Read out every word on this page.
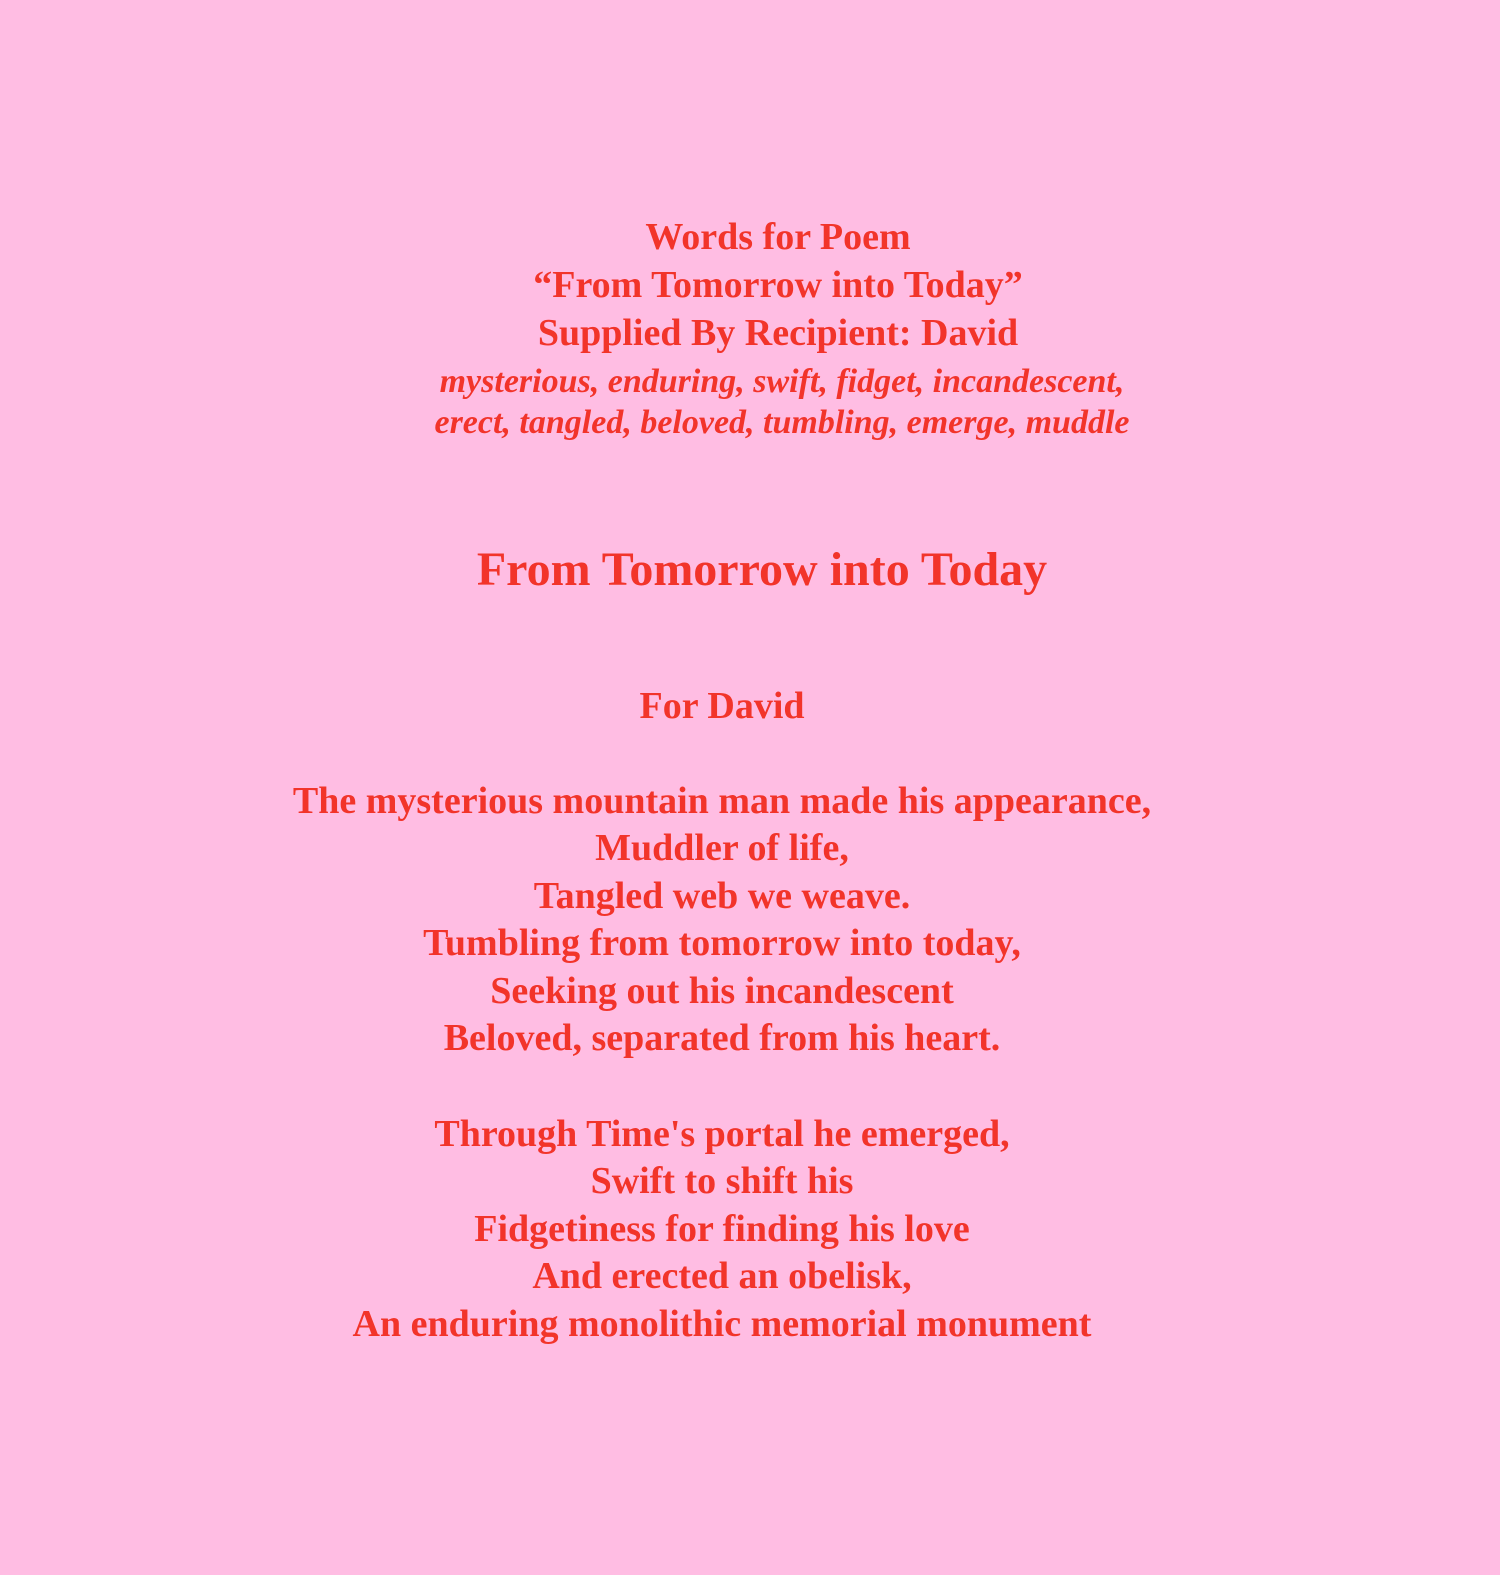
Words for Poem
“From Tomorrow into Today”
Supplied By Recipient: David
mysterious, enduring, swift, fidget, incandescent,
erect, tangled, beloved, tumbling, emerge, muddle
From Tomorrow into Today
For David
The mysterious mountain man made his appearance,
Muddler of life,
Tangled web we weave.
Tumbling from tomorrow into today,
Seeking out his incandescent
Beloved, separated from his heart.
Through Time's portal he emerged,
Swift to shift his
Fidgetiness for finding his love
And erected an obelisk,
An enduring monolithic memorial monument
